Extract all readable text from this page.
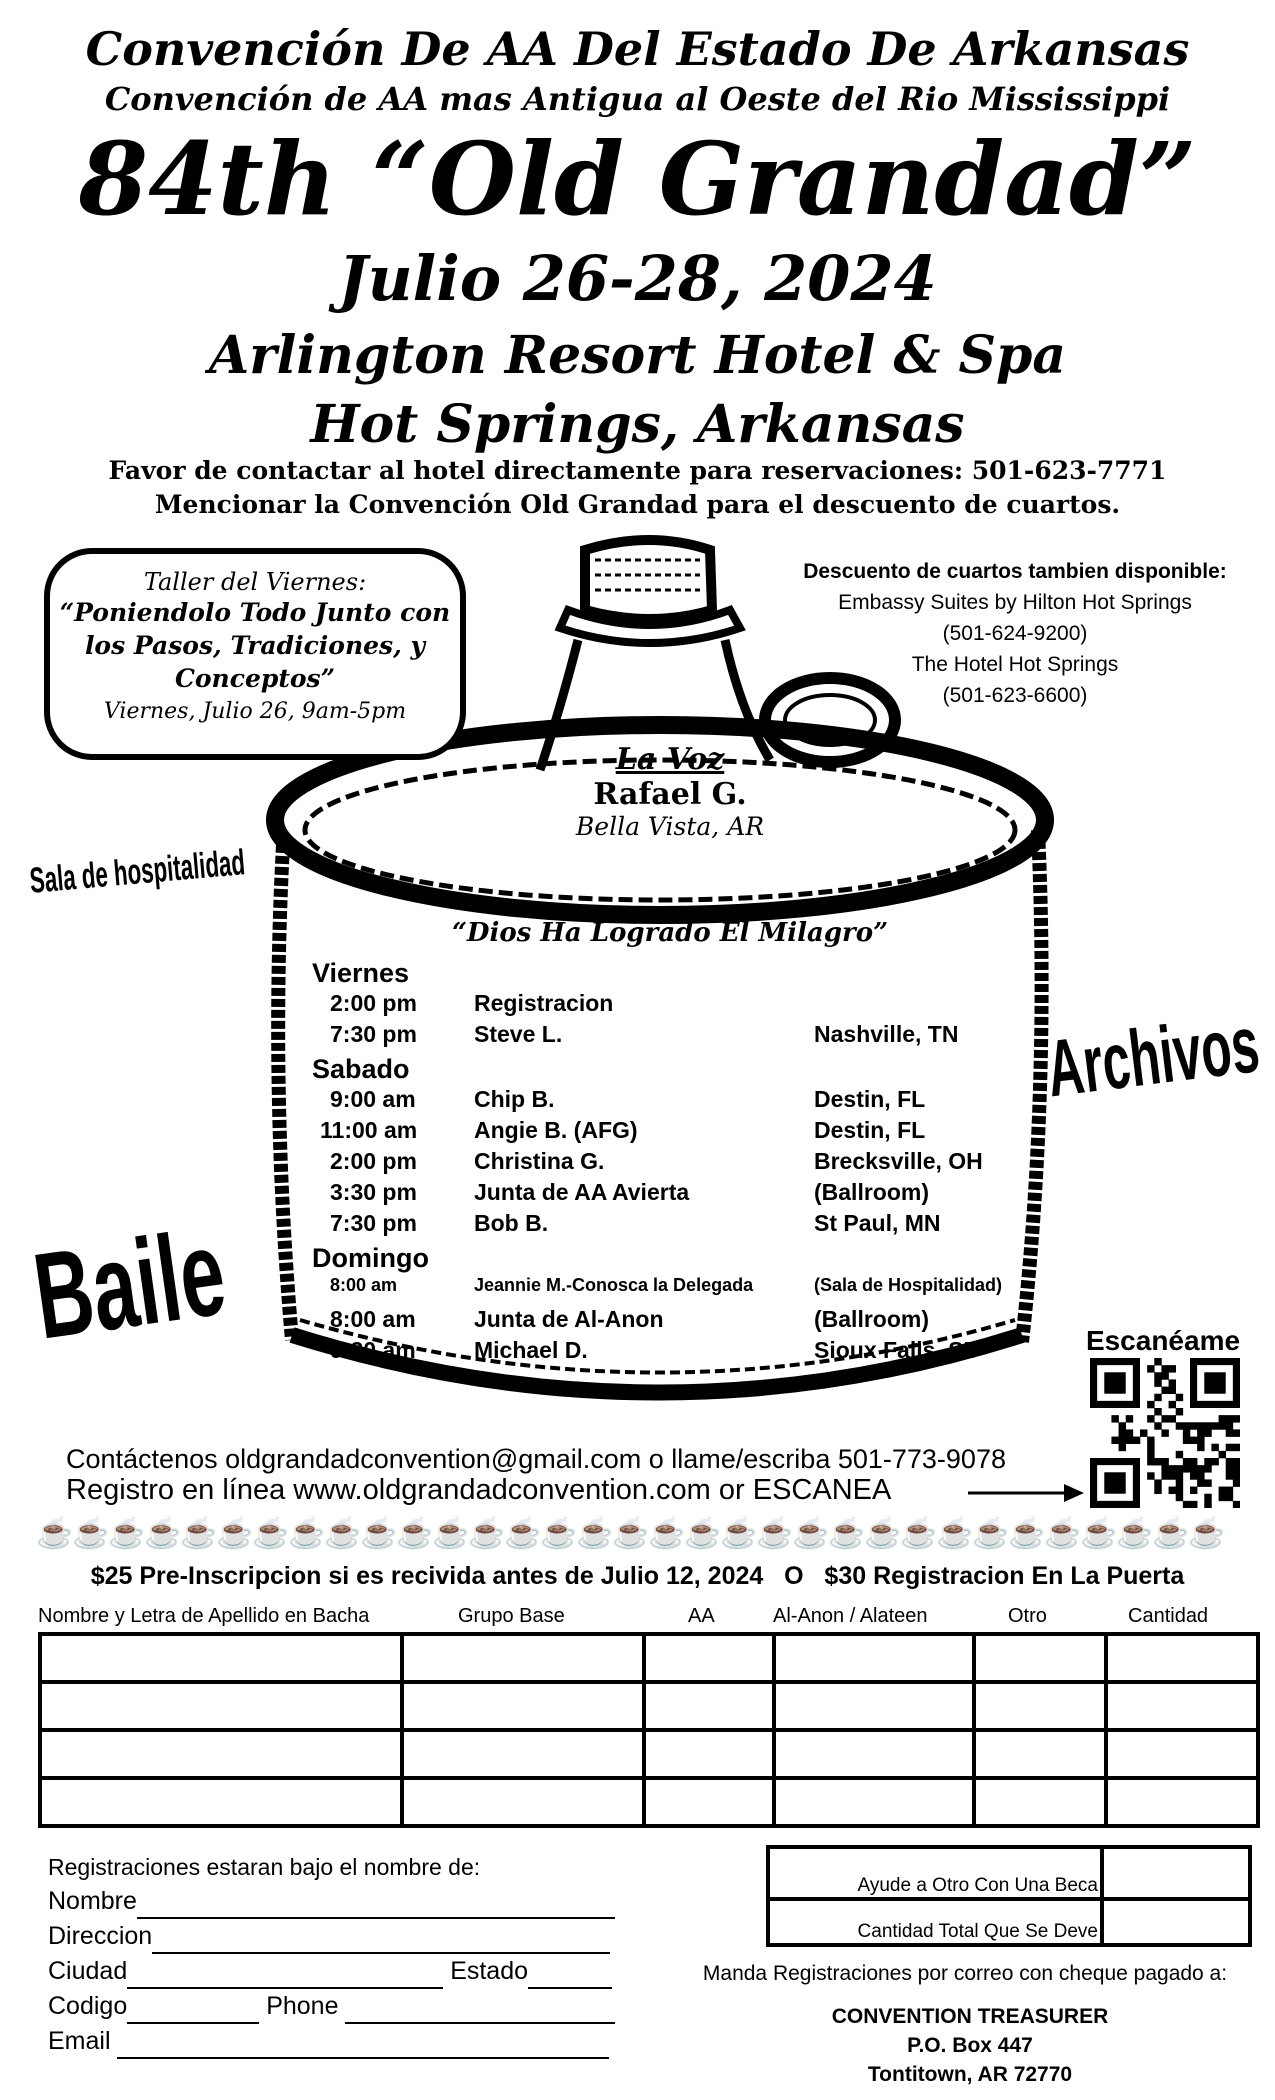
Convención De AA Del Estado De Arkansas
Convención de AA mas Antigua al Oeste del Rio Mississippi
84th “Old Grandad”
Julio 26-28, 2024
Arlington Resort Hotel & Spa
Hot Springs, Arkansas
Favor de contactar al hotel directamente para reservaciones: 501-623-7771
Mencionar la Convención Old Grandad para el descuento de cuartos.
Taller del Viernes:
“Poniendolo Todo Junto con los Pasos, Tradiciones, y Conceptos”
Viernes, Julio 26, 9am-5pm
Descuento de cuartos tambien disponible:
Embassy Suites by Hilton Hot Springs
(501-624-9200)
The Hotel Hot Springs
(501-623-6600)
La Voz
Rafael G.
Bella Vista, AR
“Dios Ha Logrado El Milagro”
Sala de hospitalidad
Archivos
Baile
Viernes
2:00 pm Registracion
7:30 pm Steve L.	Nashville, TN
Sabado
9:00 am	Chip B.	Destin, FL
11:00 am Angie B. (AFG)	Destin, FL
2:00 pm Christina G.	Brecksville, OH
3:30 pm Junta de AA Avierta	(Ballroom)
7:30 pm Bob B.	St Paul, MN
Domingo
8:00 am	Jeannie M.-Conosca la Delegada	(Sala de Hospitalidad)
8:00 am	Junta de Al-Anon	(Ballroom)
9:30 am	Michael D.	Sioux Falls, SD	Escanéame
Contáctenos oldgrandadconvention@gmail.com o llame/escriba 501-773-9078
Registro en línea www.oldgrandadconvention.com or ESCANEA
☕☕☕☕☕☕☕☕☕☕☕☕☕☕☕☕☕☕☕☕☕☕☕☕☕☕☕☕☕☕☕☕☕
$25 Pre-Inscripcion si es recivida antes de Julio 12, 2024   O   $30 Registracion En La Puerta
Nombre y Letra de Apellido en Bacha	Grupo Base	AA	Al-Anon / Alateen	Otro	Cantidad

Registraciones estaran bajo el nombre de:
Nombre
Direccion
Ciudad	Estado
Codigo	Phone
Email
Ayude a Otro Con Una Beca	
Cantidad Total Que Se Deve	
Manda Registraciones por correo con cheque pagado a:
CONVENTION TREASURER
P.O. Box 447
Tontitown, AR 72770
